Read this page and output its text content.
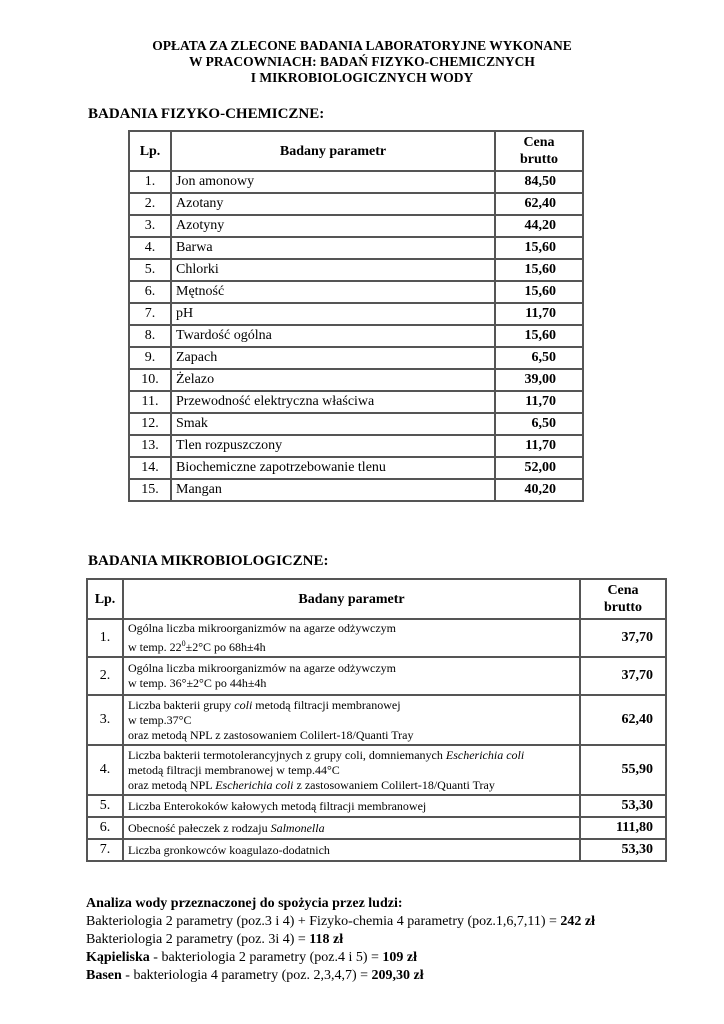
OPŁATA ZA ZLECONE BADANIA LABORATORYJNE WYKONANE
W PRACOWNIACH: BADAŃ FIZYKO-CHEMICZNYCH
I MIKROBIOLOGICZNYCH WODY
BADANIA FIZYKO-CHEMICZNE:
Lp.	Badany parametr	Cena
brutto

1.	Jon amonowy	84,50
2.	Azotany	62,40
3.	Azotyny	44,20
4.	Barwa	15,60
5.	Chlorki	15,60
6.	Mętność	15,60
7.	pH	11,70
8.	Twardość ogólna	15,60
9.	Zapach	6,50
10.	Żelazo	39,00
11.	Przewodność elektryczna właściwa	11,70
12.	Smak	6,50
13.	Tlen rozpuszczony	11,70
14.	Biochemiczne zapotrzebowanie tlenu	52,00
15.	Mangan	40,20
BADANIA MIKROBIOLOGICZNE:
Lp.	Badany parametr	Cena
brutto

1.	Ogólna liczba mikroorganizmów na agarze odżywczym
w temp. $22^0\pm 2^\circ C$ po 68h±4h	37,70
2.	Ogólna liczba mikroorganizmów na agarze odżywczym
w temp. 36°±2°C po 44h±4h	37,70
3.	Liczba bakterii grupy coli metodą filtracji membranowej
w temp.37°C
oraz metodą NPL z zastosowaniem Colilert-18/Quanti Tray	62,40
4.	Liczba bakterii termotolerancyjnych z grupy coli, domniemanych Escherichia coli
metodą filtracji membranowej w temp.44°C
oraz metodą NPL Escherichia coli z zastosowaniem Colilert-18/Quanti Tray	55,90
5.	Liczba Enterokoków kałowych metodą filtracji membranowej	53,30
6.	Obecność pałeczek z rodzaju Salmonella	111,80
7.	Liczba gronkowców koagulazo-dodatnich	53,30
Analiza wody przeznaczonej do spożycia przez ludzi:
Bakteriologia 2 parametry (poz.3 i 4) + Fizyko-chemia 4 parametry (poz.1,6,7,11) = 242 zł
Bakteriologia 2 parametry (poz. 3i 4) = 118 zł
Kąpieliska - bakteriologia 2 parametry (poz.4 i 5) = 109 zł
Basen - bakteriologia 4 parametry (poz. 2,3,4,7) = 209,30 zł
